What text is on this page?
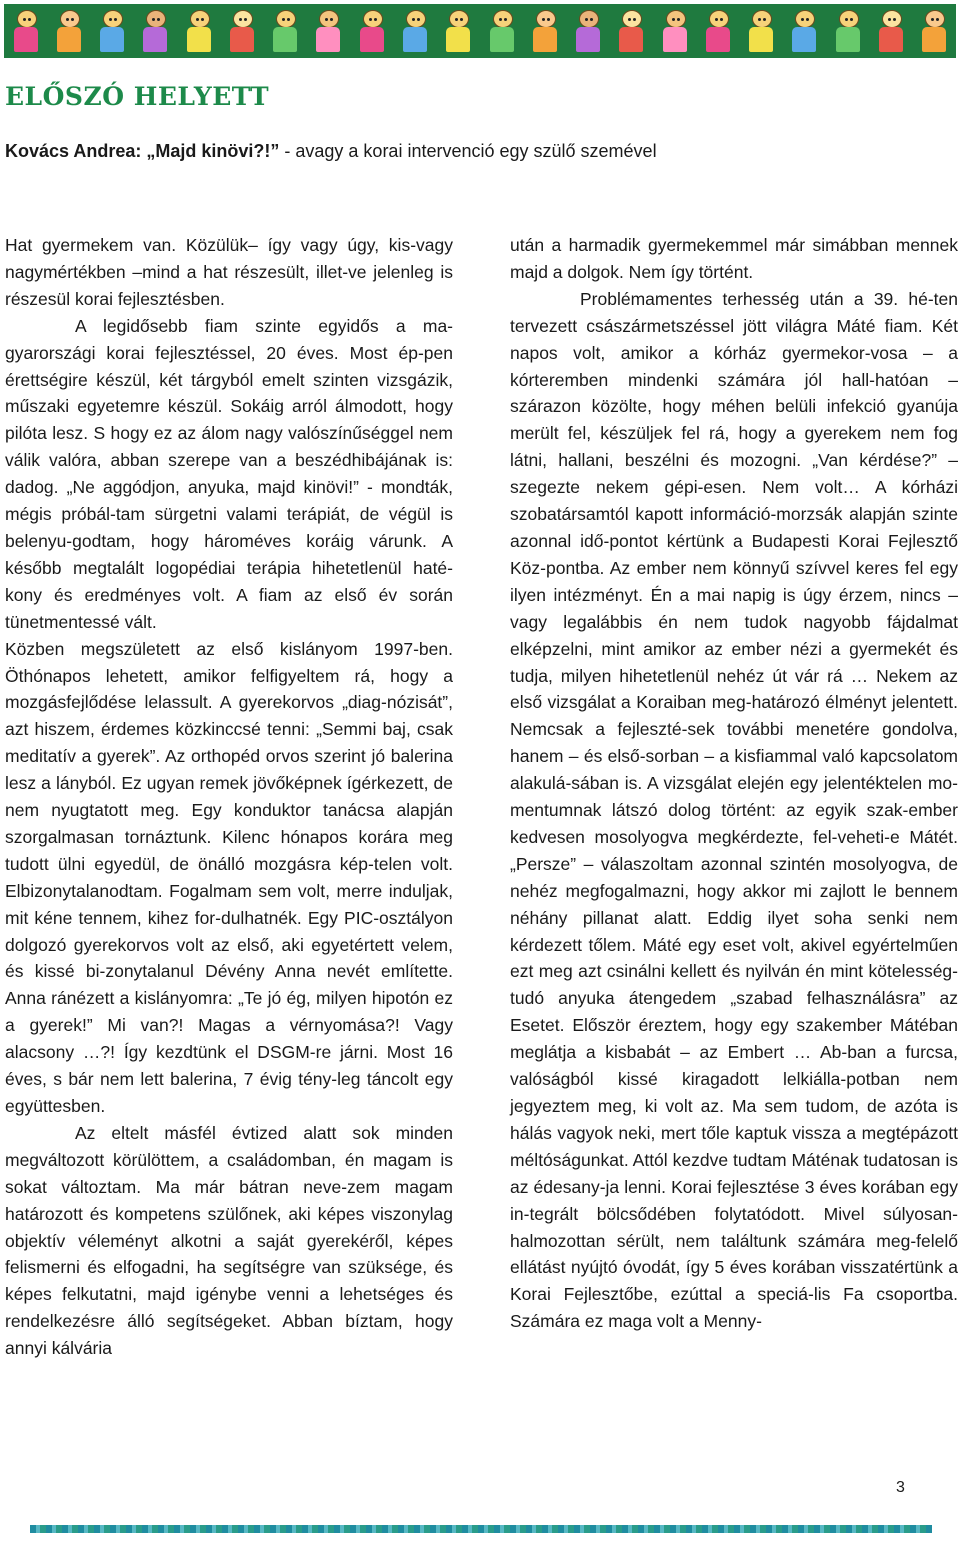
ELŐSZÓ HELYETT

Kovács Andrea: „Majd kinövi?!” - avagy a korai intervenció egy szülő szemével

Hat gyermekem van. Közülük– így vagy úgy, kis-vagy nagymértékben –mind a hat részesült, illet-ve jelenleg is részesül korai fejlesztésben.

A legidősebb fiam szinte egyidős a ma-gyarországi korai fejlesztéssel, 20 éves. Most ép-pen érettségire készül, két tárgyból emelt szinten vizsgázik, műszaki egyetemre készül. Sokáig arról álmodott, hogy pilóta lesz. S hogy ez az álom nagy valószínűséggel nem válik valóra, abban szerepe van a beszédhibájának is: dadog. „Ne aggódjon, anyuka, majd kinövi!” - mondták, mégis próbál-tam sürgetni valami terápiát, de végül is belenyu-godtam, hogy hároméves koráig várunk. A később megtalált logopédiai terápia hihetetlenül haté-kony és eredményes volt. A fiam az első év során tünetmentessé vált.

Közben megszületett az első kislányom 1997-ben. Öthónapos lehetett, amikor felfigyeltem rá, hogy a mozgásfejlődése lelassult. A gyerekorvos „diag-nózisát”, azt hiszem, érdemes közkinccsé tenni: „Semmi baj, csak meditatív a gyerek”. Az orthopéd orvos szerint jó balerina lesz a lányból. Ez ugyan remek jövőképnek ígérkezett, de nem nyugtatott meg. Egy konduktor tanácsa alapján szorgalmasan tornáztunk. Kilenc hónapos korára meg tudott ülni egyedül, de önálló mozgásra kép-telen volt. Elbizonytalanodtam. Fogalmam sem volt, merre induljak, mit kéne tennem, kihez for-dulhatnék. Egy PIC-osztályon dolgozó gyerekorvos volt az első, aki egyetértett velem, és kissé bi-zonytalanul Dévény Anna nevét említette. Anna ránézett a kislányomra: „Te jó ég, milyen hipotón ez a gyerek!” Mi van?! Magas a vérnyomása?! Vagy alacsony …?! Így kezdtünk el DSGM-re járni. Most 16 éves, s bár nem lett balerina, 7 évig tény-leg táncolt egy együttesben.

Az eltelt másfél évtized alatt sok minden megváltozott körülöttem, a családomban, én magam is sokat változtam. Ma már bátran neve-zem magam határozott és kompetens szülőnek, aki képes viszonylag objektív véleményt alkotni a saját gyerekéről, képes felismerni és elfogadni, ha segítségre van szüksége, és képes felkutatni, majd igénybe venni a lehetséges és rendelkezésre álló segítségeket. Abban bíztam, hogy annyi kálvária

után a harmadik gyermekemmel már simábban mennek majd a dolgok. Nem így történt.

Problémamentes terhesség után a 39. hé-ten tervezett császármetszéssel jött világra Máté fiam. Két napos volt, amikor a kórház gyermekor-vosa – a kórteremben mindenki számára jól hall-hatóan – szárazon közölte, hogy méhen belüli infekció gyanúja merült fel, készüljek fel rá, hogy a gyerekem nem fog látni, hallani, beszélni és mozogni. „Van kérdése?” – szegezte nekem gépi-esen. Nem volt… A kórházi szobatársamtól kapott információ-morzsák alapján szinte azonnal idő-pontot kértünk a Budapesti Korai Fejlesztő Köz-pontba. Az ember nem könnyű szívvel keres fel egy ilyen intézményt. Én a mai napig is úgy érzem, nincs – vagy legalábbis én nem tudok nagyobb fájdalmat elképzelni, mint amikor az ember nézi a gyermekét és tudja, milyen hihetetlenül nehéz út vár rá … Nekem az első vizsgálat a Koraiban meg-határozó élményt jelentett. Nemcsak a fejleszté-sek további menetére gondolva, hanem – és első-sorban – a kisfiammal való kapcsolatom alakulá-sában is. A vizsgálat elején egy jelentéktelen mo-mentumnak látszó dolog történt: az egyik szak-ember kedvesen mosolyogva megkérdezte, fel-veheti-e Mátét. „Persze” – válaszoltam azonnal szintén mosolyogva, de nehéz megfogalmazni, hogy akkor mi zajlott le bennem néhány pillanat alatt. Eddig ilyet soha senki nem kérdezett tőlem. Máté egy eset volt, akivel egyértelműen ezt meg azt csinálni kellett és nyilván én mint kötelesség-tudó anyuka átengedem „szabad felhasználásra” az Esetet. Először éreztem, hogy egy szakember Mátéban meglátja a kisbabát – az Embert … Ab-ban a furcsa, valóságból kissé kiragadott lelkiálla-potban nem jegyeztem meg, ki volt az. Ma sem tudom, de azóta is hálás vagyok neki, mert tőle kaptuk vissza a megtépázott méltóságunkat. Attól kezdve tudtam Máténak tudatosan is az édesany-ja lenni. Korai fejlesztése 3 éves korában egy in-tegrált bölcsődében folytatódott. Mivel súlyosan-halmozottan sérült, nem találtunk számára meg-felelő ellátást nyújtó óvodát, így 5 éves korában visszatértünk a Korai Fejlesztőbe, ezúttal a speciá-lis Fa csoportba. Számára ez maga volt a Menny-

3
